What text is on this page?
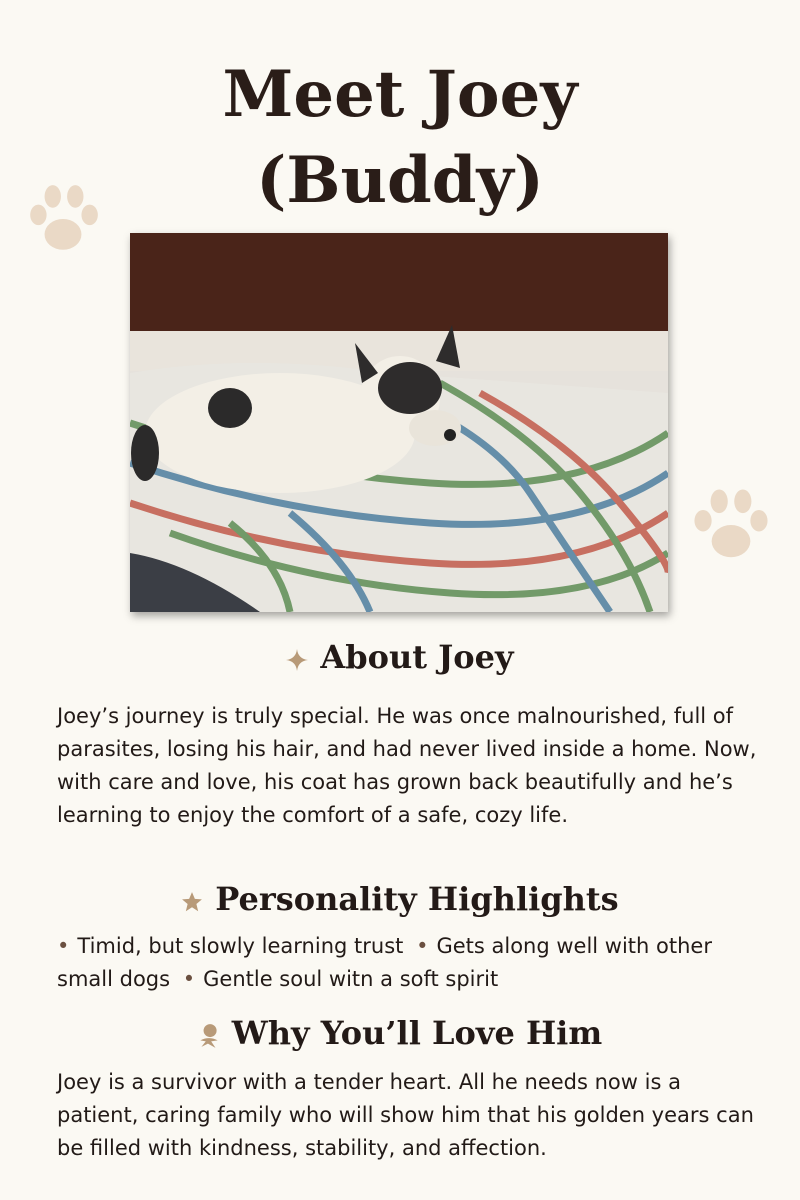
Meet Joey
(Buddy)
About Joey
Joey’s journey is truly special. He was once malnourished, full of parasites, losing his hair, and had never lived inside a home. Now, with care and love, his coat has grown back beautifully and he’s learning to enjoy the comfort of a safe, cozy life.
Personality Highlights
• Timid, but slowly learning trust • Gets along well with other small dogs • Gentle soul witn a soft spirit
Why You’ll Love Him
Joey is a survivor with a tender heart. All he needs now is a patient, caring family who will show him that his golden years can be filled with kindness, stability, and affection.
